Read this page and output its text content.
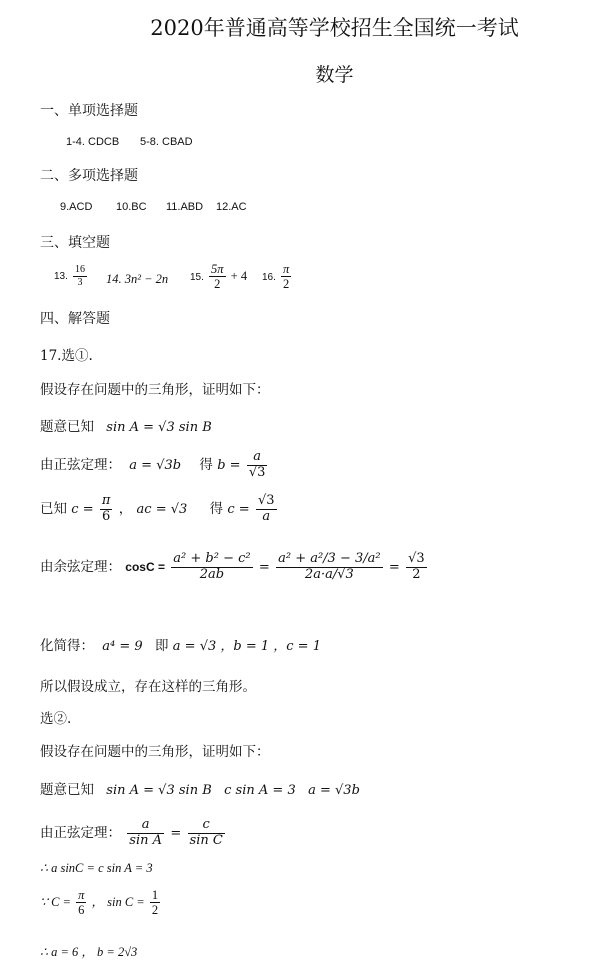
2020年普通高等学校招生全国统一考试
数学
一、单项选择题
1-4. CDCB 5-8. CBAD
二、多项选择题
9.ACD 10.BC 11.ABD 12.AC
三、填空题
13. $\frac{16}{3} 14$. 3n² − 2n 15. $\frac{5\pi}{2} + 4$ 16. $\frac{\pi}{2}$
四、解答题
17.选①.
假设存在问题中的三角形，证明如下：
题意已知 sin A = √3 sin B
由正弦定理： a = √3b 得 $b = \frac{a}{√3}$
已知 $c = \frac{\pi}{6}$ ， ac = √3 得 $c = \frac{√3}{a}$
由余弦定理： $\cos C = \frac{\text{a² + b² − c²}}{2ab} = \frac{\text{a² + a²/3 − 3/a²}}{2a\cdot a/√3} = \frac{√3}{2}$
化简得： a⁴ = 9 即 a = √3 ，b = 1 ，c = 1
所以假设成立，存在这样的三角形。
选②.
假设存在问题中的三角形，证明如下：
题意已知 sin A = √3 sin B   c sin A = 3   a = √3b
由正弦定理： $\frac{a}{\text{sin A}} = \frac{c}{\text{sin C}}$
∴ a sinC = c sin A = 3
∵ $C = \frac{\pi}{6}$ ， $\sin C = \frac{1}{2}$
∴ a = 6 ， b = 2√3
